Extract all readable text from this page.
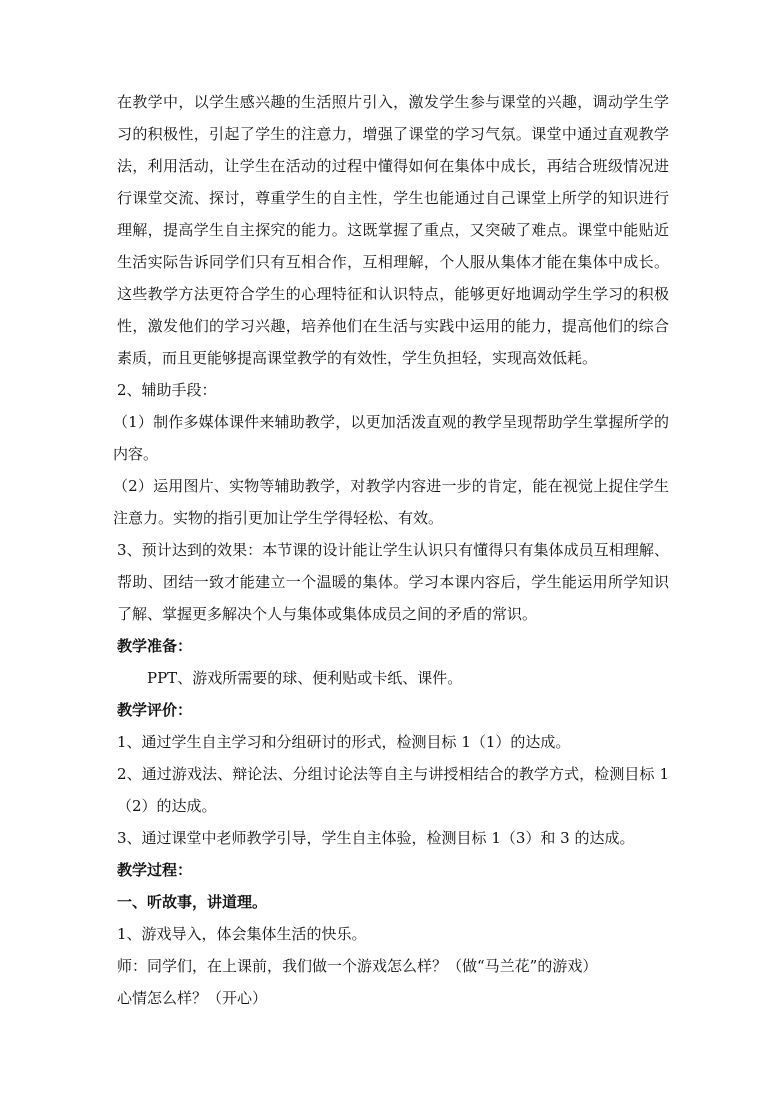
在教学中，以学生感兴趣的生活照片引入，激发学生参与课堂的兴趣，调动学生学习的积极性，引起了学生的注意力，增强了课堂的学习气氛。课堂中通过直观教学法，利用活动，让学生在活动的过程中懂得如何在集体中成长，再结合班级情况进行课堂交流、探讨，尊重学生的自主性，学生也能通过自己课堂上所学的知识进行理解，提高学生自主探究的能力。这既掌握了重点，又突破了难点。课堂中能贴近生活实际告诉同学们只有互相合作，互相理解，个人服从集体才能在集体中成长。这些教学方法更符合学生的心理特征和认识特点，能够更好地调动学生学习的积极性，激发他们的学习兴趣，培养他们在生活与实践中运用的能力，提高他们的综合素质，而且更能够提高课堂教学的有效性，学生负担轻，实现高效低耗。

2、辅助手段：

（1）制作多媒体课件来辅助教学，以更加活泼直观的教学呈现帮助学生掌握所学的内容。

（2）运用图片、实物等辅助教学，对教学内容进一步的肯定，能在视觉上捉住学生注意力。实物的指引更加让学生学得轻松、有效。

3、预计达到的效果：本节课的设计能让学生认识只有懂得只有集体成员互相理解、帮助、团结一致才能建立一个温暖的集体。学习本课内容后，学生能运用所学知识了解、掌握更多解决个人与集体或集体成员之间的矛盾的常识。

教学准备：

PPT、游戏所需要的球、便利贴或卡纸、课件。

教学评价：

1、通过学生自主学习和分组研讨的形式，检测目标 1（1）的达成。

2、通过游戏法、辩论法、分组讨论法等自主与讲授相结合的教学方式，检测目标 1（2）的达成。

3、通过课堂中老师教学引导，学生自主体验，检测目标 1（3）和 3 的达成。

教学过程：

一、听故事，讲道理。

1、游戏导入，体会集体生活的快乐。

师：同学们，在上课前，我们做一个游戏怎么样？（做“马兰花”的游戏）

心情怎么样？（开心）
